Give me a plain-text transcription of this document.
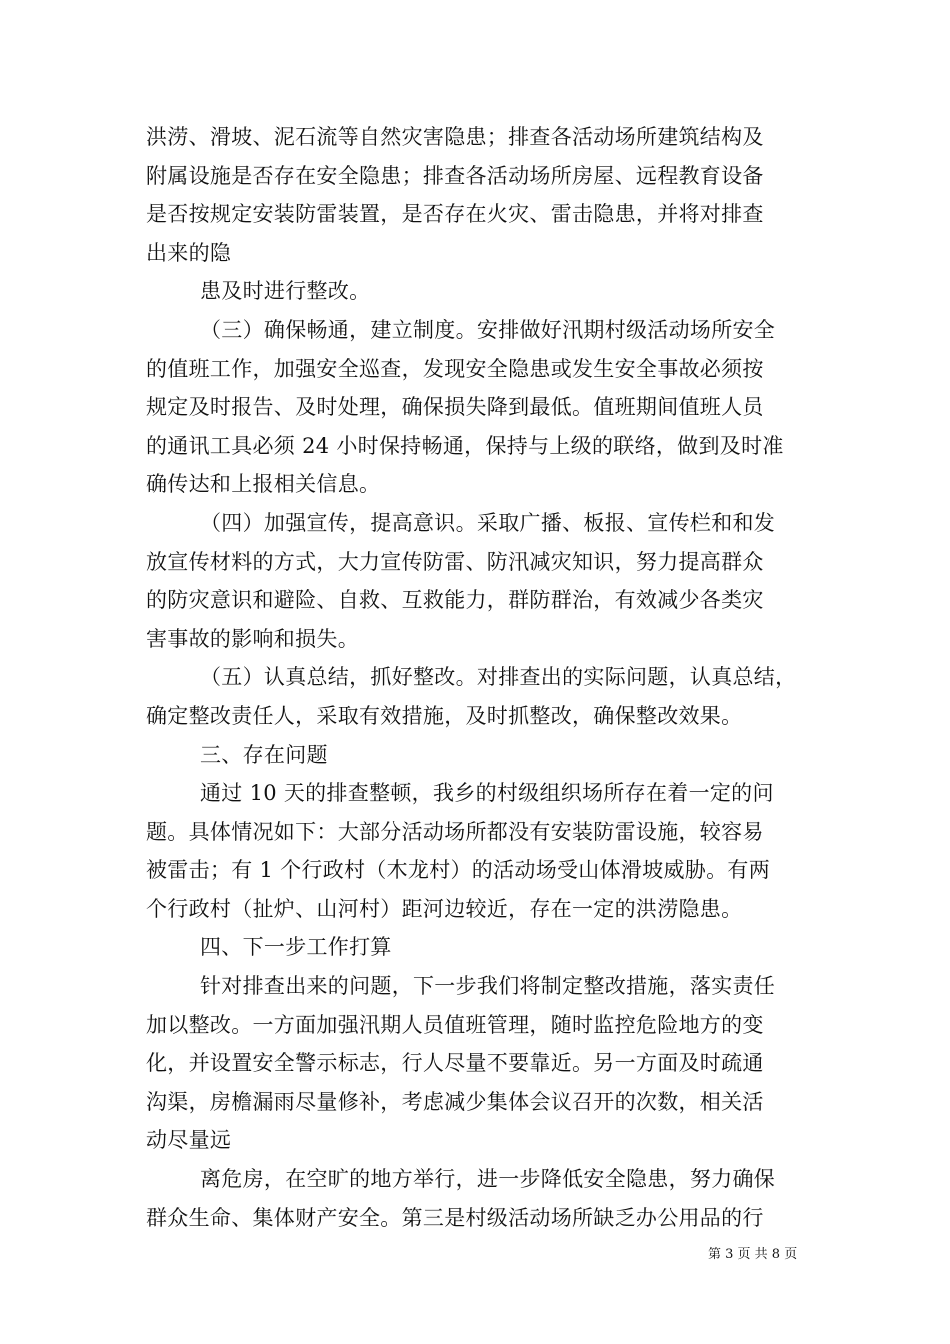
洪涝、滑坡、泥石流等自然灾害隐患；排查各活动场所建筑结构及
附属设施是否存在安全隐患；排查各活动场所房屋、远程教育设备
是否按规定安装防雷装置，是否存在火灾、雷击隐患，并将对排查
出来的隐
患及时进行整改。
（三）确保畅通，建立制度。安排做好汛期村级活动场所安全
的值班工作，加强安全巡查，发现安全隐患或发生安全事故必须按
规定及时报告、及时处理，确保损失降到最低。值班期间值班人员
的通讯工具必须 24 小时保持畅通，保持与上级的联络，做到及时准
确传达和上报相关信息。
（四）加强宣传，提高意识。采取广播、板报、宣传栏和和发
放宣传材料的方式，大力宣传防雷、防汛减灾知识，努力提高群众
的防灾意识和避险、自救、互救能力，群防群治，有效减少各类灾
害事故的影响和损失。
（五）认真总结，抓好整改。对排查出的实际问题，认真总结，
确定整改责任人，采取有效措施，及时抓整改，确保整改效果。
三、存在问题
通过 10 天的排查整顿，我乡的村级组织场所存在着一定的问
题。具体情况如下：大部分活动场所都没有安装防雷设施，较容易
被雷击；有 1 个行政村（木龙村）的活动场受山体滑坡威胁。有两
个行政村（扯炉、山河村）距河边较近，存在一定的洪涝隐患。
四、下一步工作打算
针对排查出来的问题，下一步我们将制定整改措施，落实责任
加以整改。一方面加强汛期人员值班管理，随时监控危险地方的变
化，并设置安全警示标志，行人尽量不要靠近。另一方面及时疏通
沟渠，房檐漏雨尽量修补，考虑减少集体会议召开的次数，相关活
动尽量远
离危房，在空旷的地方举行，进一步降低安全隐患，努力确保
群众生命、集体财产安全。第三是村级活动场所缺乏办公用品的行
第 3 页 共 8 页
